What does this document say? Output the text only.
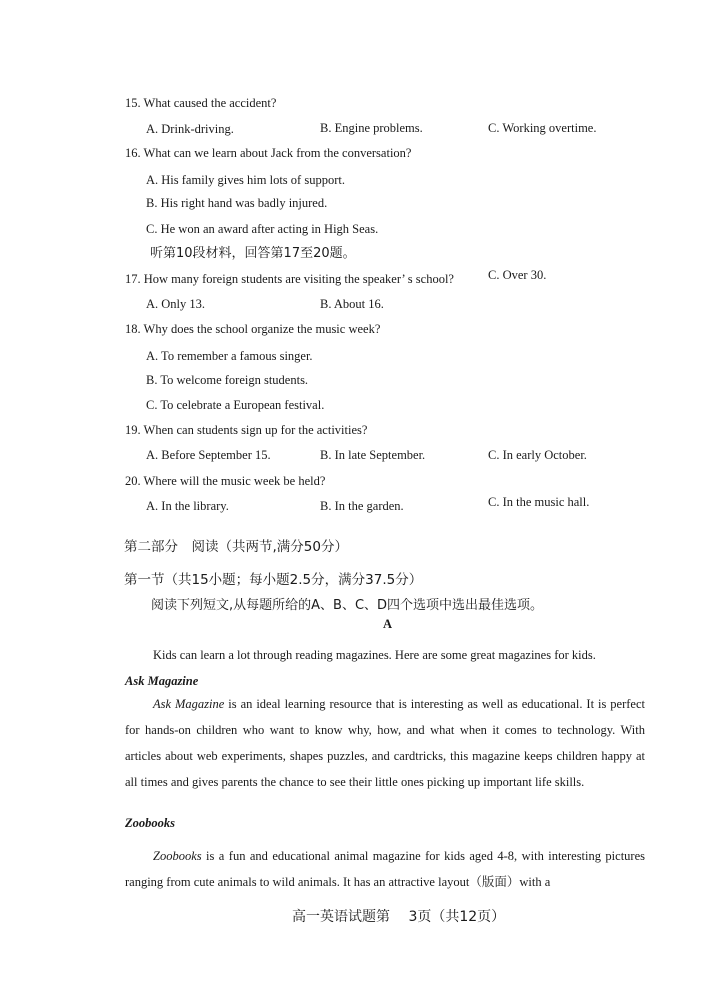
15. What caused the accident?
A. Drink-driving.	B. Engine problems.	C. Working overtime.
16. What can we learn about Jack from the conversation?
A. His family gives him lots of support.
B. His right hand was badly injured.
C. He won an award after acting in High Seas.
听第10段材料，回答第17至20题。
17. How many foreign students are visiting the speaker’ s school?	C. Over 30.
A. Only 13.	B. About 16.
18. Why does the school organize the music week?
A. To remember a famous singer.
B. To welcome foreign students.
C. To celebrate a European festival.
19. When can students sign up for the activities?
A. Before September 15.	B. In late September.	C. In early October.
20. Where will the music week be held?
A. In the library.	B. In the garden.	C. In the music hall.
第二部分　阅读（共两节,满分50分）
第一节（共15小题；每小题2.5分，满分37.5分）
阅读下列短文,从每题所给的A、B、C、D四个选项中选出最佳选项。
A
Kids can learn a lot through reading magazines. Here are some great magazines for kids.
Ask Magazine
Ask Magazine is an ideal learning resource that is interesting as well as educational. It is perfect for hands-on children who want to know why, how, and what when it comes to technology. With articles about web experiments, shapes puzzles, and cardtricks, this magazine keeps children happy at all times and gives parents the chance to see their little ones picking up important life skills.
Zoobooks
Zoobooks is a fun and educational animal magazine for kids aged 4-8, with interesting pictures ranging from cute animals to wild animals. It has an attractive layout（版面）with a
高一英语试题第　 3页（共12页）
